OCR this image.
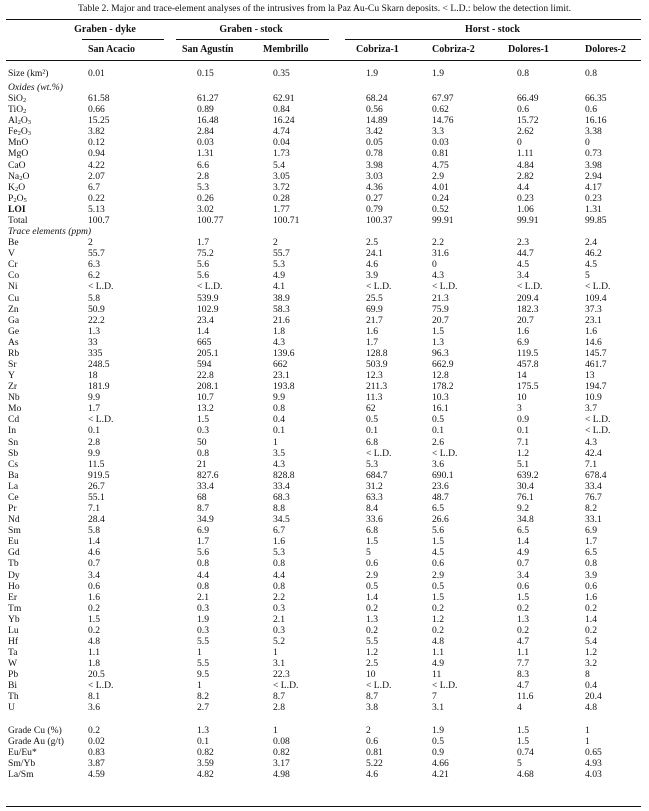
Table 2. Major and trace-element analyses of the intrusives from la Paz Au-Cu Skarn deposits. < L.D.: below the detection limit.
Graben - dyke	Graben - stock	Horst - stock
San Acacio	San Agustín	Membrillo	Cobriza-1	Cobriza-2	Dolores-1	Dolores-2
Size (km²)	0.01	0.15	0.35	1.9	1.9	0.8	0.8
Oxides (wt.%)
SiO$_2$	61.58	61.27	62.91	68.24	67.97	66.49	66.35
TiO$_2$	0.66	0.89	0.84	0.56	0.62	0.6	0.6
$Al_2O_3$	15.25	16.48	16.24	14.89	14.76	15.72	16.16
$Fe_2O_3$	3.82	2.84	4.74	3.42	3.3	2.62	3.38
MnO	0.12	0.03	0.04	0.05	0.03	0	0
MgO	0.94	1.31	1.73	0.78	0.81	1.11	0.73
CaO	4.22	6.6	5.4	3.98	4.75	4.84	3.98
$Na_2O$	2.07	2.8	3.05	3.03	2.9	2.82	2.94
$K_2O$	6.7	5.3	3.72	4.36	4.01	4.4	4.17
$P_2O_5$	0.22	0.26	0.28	0.27	0.24	0.23	0.23
LOI	5.13	3.02	1.77	0.79	0.52	1.06	1.31
Total	100.7	100.77	100.71	100.37	99.91	99.91	99.85
Trace elements (ppm)
Be	2	1.7	2	2.5	2.2	2.3	2.4
V	55.7	75.2	55.7	24.1	31.6	44.7	46.2
Cr	6.3	5.6	5.3	4.6	0	4.5	4.5
Co	6.2	5.6	4.9	3.9	4.3	3.4	5
Ni	< L.D.	< L.D.	4.1	< L.D.	< L.D.	< L.D.	< L.D.
Cu	5.8	539.9	38.9	25.5	21.3	209.4	109.4
Zn	50.9	102.9	58.3	69.9	75.9	182.3	37.3
Ga	22.2	23.4	21.6	21.7	20.7	20.7	23.1
Ge	1.3	1.4	1.8	1.6	1.5	1.6	1.6
As	33	665	4.3	1.7	1.3	6.9	14.6
Rb	335	205.1	139.6	128.8	96.3	119.5	145.7
Sr	248.5	594	662	503.9	662.9	457.8	461.7
Y	18	22.8	23.1	12.3	12.8	14	13
Zr	181.9	208.1	193.8	211.3	178.2	175.5	194.7
Nb	9.9	10.7	9.9	11.3	10.3	10	10.9
Mo	1.7	13.2	0.8	62	16.1	3	3.7
Cd	< L.D.	1.5	0.4	0.5	0.5	0.9	< L.D.
In	0.1	0.3	0.1	0.1	0.1	0.1	< L.D.
Sn	2.8	50	1	6.8	2.6	7.1	4.3
Sb	9.9	0.8	3.5	< L.D.	< L.D.	1.2	42.4
Cs	11.5	21	4.3	5.3	3.6	5.1	7.1
Ba	919.5	827.6	828.8	684.7	690.1	639.2	678.4
La	26.7	33.4	33.4	31.2	23.6	30.4	33.4
Ce	55.1	68	68.3	63.3	48.7	76.1	76.7
Pr	7.1	8.7	8.8	8.4	6.5	9.2	8.2
Nd	28.4	34.9	34.5	33.6	26.6	34.8	33.1
Sm	5.8	6.9	6.7	6.8	5.6	6.5	6.9
Eu	1.4	1.7	1.6	1.5	1.5	1.4	1.7
Gd	4.6	5.6	5.3	5	4.5	4.9	6.5
Tb	0.7	0.8	0.8	0.6	0.6	0.7	0.8
Dy	3.4	4.4	4.4	2.9	2.9	3.4	3.9
Ho	0.6	0.8	0.8	0.5	0.5	0.6	0.6
Er	1.6	2.1	2.2	1.4	1.5	1.5	1.6
Tm	0.2	0.3	0.3	0.2	0.2	0.2	0.2
Yb	1.5	1.9	2.1	1.3	1.2	1.3	1.4
Lu	0.2	0.3	0.3	0.2	0.2	0.2	0.2
Hf	4.8	5.5	5.2	5.5	4.8	4.7	5.4
Ta	1.1	1	1	1.2	1.1	1.1	1.2
W	1.8	5.5	3.1	2.5	4.9	7.7	3.2
Pb	20.5	9.5	22.3	10	11	8.3	8
Bi	< L.D.	1	< L.D.	< L.D.	< L.D.	4.7	0.4
Th	8.1	8.2	8.7	8.7	7	11.6	20.4
U	3.6	2.7	2.8	3.8	3.1	4	4.8
Grade Cu (%)	0.2	1.3	1	2	1.9	1.5	1
Grade Au (g/t)	0.02	0.1	0.08	0.6	0.5	1.5	1
Eu/Eu*	0.83	0.82	0.82	0.81	0.9	0.74	0.65
Sm/Yb	3.87	3.59	3.17	5.22	4.66	5	4.93
La/Sm	4.59	4.82	4.98	4.6	4.21	4.68	4.03
